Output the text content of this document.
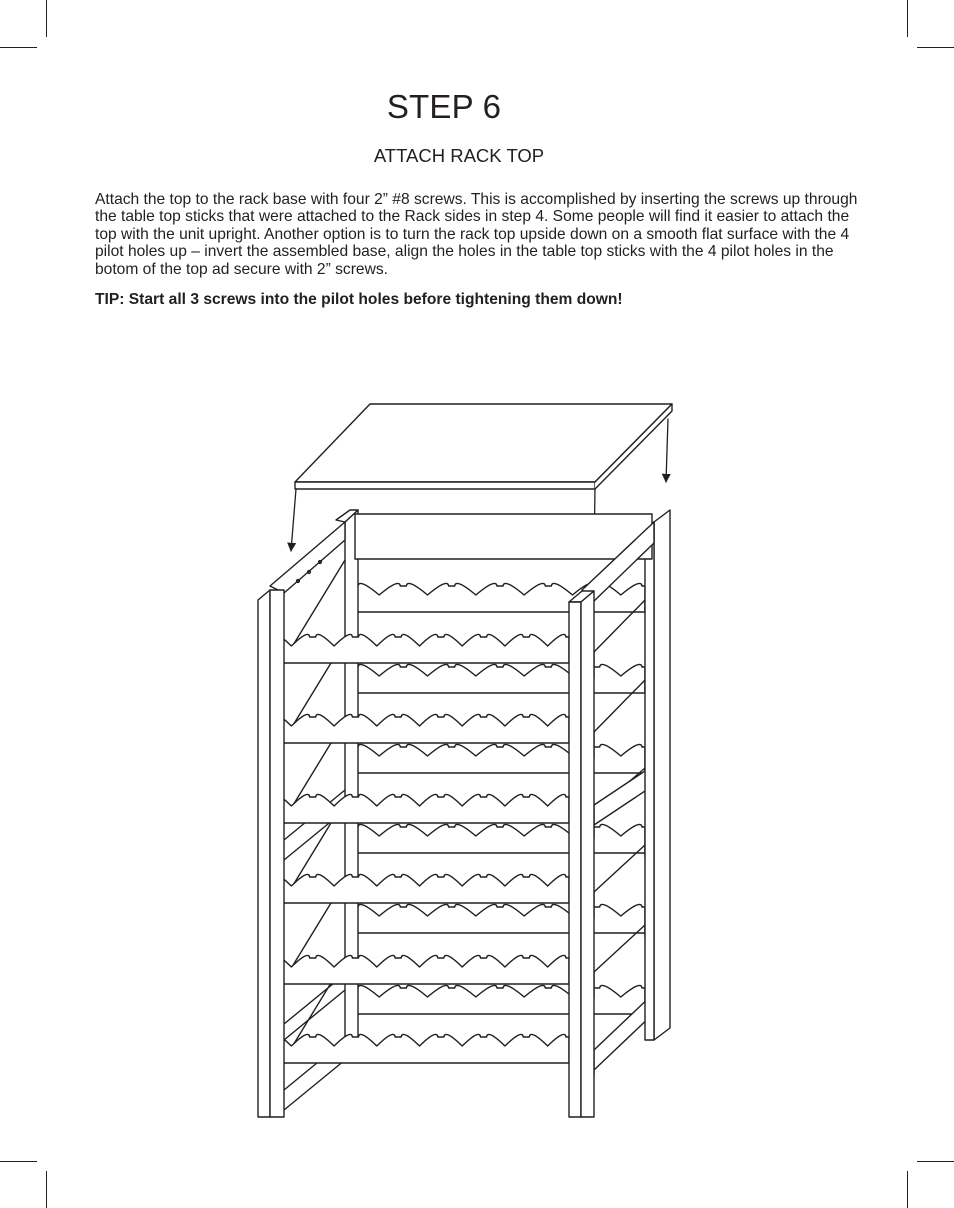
STEP 6
ATTACH RACK TOP

Attach the top to the rack base with four 2” #8 screws. This is accomplished by inserting the screws up through the table top sticks that were attached to the Rack sides in step 4. Some people will find it easier to attach the top with the unit upright. Another option is to turn the rack top upside down on a smooth flat surface with the 4 pilot holes up – invert the assembled base, align the holes in the table top sticks with the 4 pilot holes in the botom of the top ad secure with 2” screws.

TIP: Start all 3 screws into the pilot holes before tightening them down!
